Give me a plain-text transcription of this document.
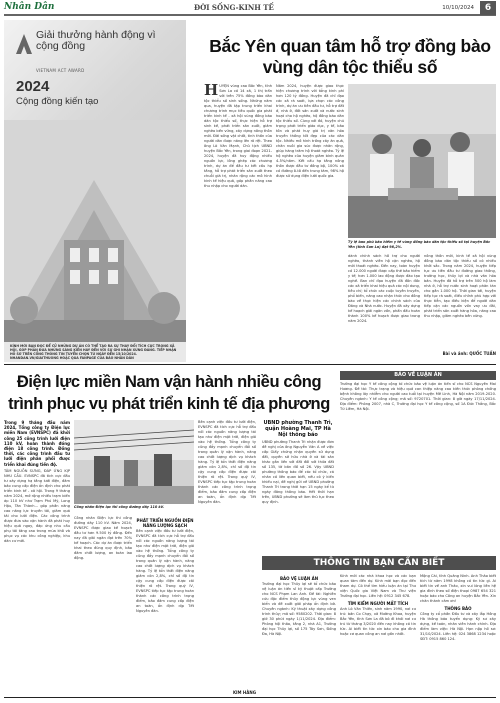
Nhân Dân	ĐỜI SỐNG-KINH TẾ	10/10/2024	6
Giải thưởng hành động vì cộng đồng
VIETNAM ACT AWARD
2024
Cộng đồng kiến tạo
KÍNH MỜI BẠN ĐỌC ĐỂ CỬ NHỮNG DỰ ÁN CÓ THỂ TẠO RA SỰ THAY ĐỔI TÍCH CỰC TRONG XÃ HỘI, GÓP PHẦN ĐƯA NHỮNG SÁNG KIẾN HAY ĐẾN VỚI SỰ GHI NHẬN XỨNG ĐÁNG. TIẾP NHẬN HỒ SƠ TRÊN CỔNG THÔNG TIN TUYỂN CHỌN TỪ NGÀY ĐẾN 15/10/2024. NHANDAN.VN/GIAITHUONG HOẶC QUA FANPAGE CỦA BÁO NHÂN DÂN
Bắc Yên quan tâm hỗ trợ đồng bào vùng dân tộc thiểu số
HUYỆN vùng cao Bắc Yên, tỉnh Sơn La có 14 xã, 1 thị trấn với trên 75% đồng bào dân tộc thiểu số sinh sống. Những năm qua, huyện đã tập trung triển khai chương trình mục tiêu quốc gia phát triển kinh tế - xã hội vùng đồng bào dân tộc thiểu số, thực hiện hỗ trợ sinh kế, phát triển sản xuất, giảm nghèo bền vững, xây dựng nông thôn mới. Đời sống vật chất, tinh thần của người dân được nâng lên rõ rệt. Theo ông Lò Văn Mạnh, Chủ tịch UBND huyện Bắc Yên, trong giai đoạn 2021-2024, huyện đã huy động nhiều nguồn lực, lồng ghép các chương trình, dự án để đầu tư kết cấu hạ tầng, hỗ trợ phát triển sản xuất theo chuỗi giá trị, nhân rộng các mô hình kinh tế hiệu quả, góp phần nâng cao thu nhập cho người dân.
Năm 2024, huyện được giao thực hiện chương trình với tổng kinh phí hơn 120 tỷ đồng. Huyện đã chỉ đạo các xã rà soát, lựa chọn các công trình, dự án ưu tiên đầu tư, hỗ trợ đất ở, nhà ở, đất sản xuất và nước sinh hoạt cho hộ nghèo, hộ đồng bào dân tộc thiểu số. Cùng với đó, huyện chú trọng phát triển giáo dục, y tế, bảo tồn và phát huy giá trị văn hóa truyền thống tốt đẹp của các dân tộc. Nhiều mô hình trồng cây ăn quả, chăn nuôi gia súc được nhân rộng, giúp hàng trăm hộ thoát nghèo. Tỷ lệ hộ nghèo của huyện giảm bình quân 4-5%/năm. Kết cấu hạ tầng nông thôn được đầu tư đồng bộ, 100% xã có đường ô-tô đến trung tâm, 98% hộ được sử dụng điện lưới quốc gia.
Tỷ lệ bao phủ bảo hiểm y tế vùng đồng bào dân tộc thiểu số tại huyện Bắc Yên (tỉnh Sơn La) đạt 98,2%.
dành chính sách hỗ trợ cho người nghèo, thành viên hộ cận nghèo, hộ mới thoát nghèo. Đến nay, toàn huyện có 12.000 người được cấp thẻ bảo hiểm y tế; hơn 1.000 lao động được đào tạo nghề. Ban chỉ đạo huyện đã đôn đốc các xã triển khai hiệu quả các nội dung, tiêu chí; tổ chức các cuộc tuyên truyền, phổ biến, nâng cao nhận thức cho đồng bào về thực hiện các chính sách của Đảng và Nhà nước. Huyện đã xây dựng kế hoạch giải ngân vốn, phấn đấu hoàn thành 100% kế hoạch được giao trong năm 2024.
nông thôn mới, kinh tế xã hội vùng đồng bào dân tộc thiểu số có nhiều khởi sắc. Trong năm 2024, huyện tiếp tục ưu tiên đầu tư đường giao thông, trường học, thủy lợi và nhà văn hóa bản. Huyện đã hỗ trợ trên 500 hộ làm nhà ở, hỗ trợ nước sinh hoạt phân tán cho gần 1.000 hộ. Thời gian tới, huyện tiếp tục rà soát, điều chỉnh phù hợp với thực tiễn, tạo điều kiện để người dân tiếp cận các nguồn vốn vay ưu đãi, phát triển sản xuất hàng hóa, nâng cao thu nhập, giảm nghèo bền vững.
Bài và ảnh: QUỐC TUẤN
Điện lực miền Nam vận hành nhiều công trình phục vụ phát triển kinh tế địa phương
Trong 9 tháng đầu năm 2024, Tổng công ty Điện lực miền Nam (EVNSPC) đã khởi công 25 công trình lưới điện 110 kV, hoàn thành đóng điện 18 công trình. Đồng thời, các công trình đầu tư lưới điện phân phối được triển khai đúng tiến độ.
TÂM NGUỒN SƯNG, ĐÁP ỨNG KỊP NHU CẦU. EVNSPC đã tích cực đầu tư xây dựng hạ tầng lưới điện, đảm bảo cung cấp điện ổn định cho phát triển kinh tế - xã hội. Trong 9 tháng năm 2024, mở rộng nhiều trạm biến áp 110 kV như Trạm Phú Mỹ, Long Hậu, Tân Thành... góp phần nâng cao năng lực truyền tải, giảm quá tải cho lưới điện. Các công trình được đưa vào vận hành đã phát huy hiệu quả ngay, đáp ứng nhu cầu phụ tải tăng cao trong mùa khô và phục vụ các khu công nghiệp, khu dân cư mới.
Công nhân Điện lực thi công đường dây 110 kV.
Công nhân Điện lực thi công đường dây 110 kV. Năm 2024, EVNSPC được giao kế hoạch đầu tư hơn 9.500 tỷ đồng. Đến nay đã giải ngân đạt trên 70% kế hoạch. Các dự án được triển khai theo đúng quy định, bảo đảm chất lượng, an toàn lao động.
PHÁT TRIỂN NGUỒN ĐIỆN NĂNG LƯỢNG SẠCH
Bên cạnh việc đầu tư lưới điện, EVNSPC đã tích cực hỗ trợ đấu nối các nguồn năng lượng tái tạo như điện mặt trời, điện gió vào hệ thống. Tổng công ty cũng đẩy mạnh chuyển đổi số trong quản lý vận hành, nâng cao chất lượng dịch vụ khách hàng. Tỷ lệ tổn thất điện năng giảm còn 2,8%, chỉ số độ tin cậy cung cấp điện được cải thiện rõ rệt. Trong quý IV, EVNSPC tiếp tục tập trung hoàn thành các công trình trọng điểm, bảo đảm cung cấp điện an toàn, ổn định dịp Tết Nguyên đán.
Bên cạnh việc đầu tư lưới điện, EVNSPC đã tích cực hỗ trợ đấu nối các nguồn năng lượng tái tạo như điện mặt trời, điện gió vào hệ thống. Tổng công ty cũng đẩy mạnh chuyển đổi số trong quản lý vận hành, nâng cao chất lượng dịch vụ khách hàng. Tỷ lệ tổn thất điện năng giảm còn 2,8%, chỉ số độ tin cậy cung cấp điện được cải thiện rõ rệt. Trong quý IV, EVNSPC tiếp tục tập trung hoàn thành các công trình trọng điểm, bảo đảm cung cấp điện an toàn, ổn định dịp Tết Nguyên đán.
KIM HẰNG
UBND phường Thanh Trì, quận Hoàng Mai, TP Hà Nội thông báo
UBND phường Thanh Trì nhận được đơn đề nghị của ông Nguyễn Văn A về việc cấp Giấy chứng nhận quyền sử dụng đất, quyền sở hữu nhà ở và tài sản khác gắn liền với đất đối với thửa đất số 135, tờ bản đồ số 26. Vậy UBND phường thông báo để các tổ chức, cá nhân có liên quan biết, nếu có ý kiến khiếu nại, đề nghị gửi về UBND phường Thanh Trì trong thời hạn 15 ngày kể từ ngày đăng thông báo. Hết thời hạn trên, UBND phường sẽ làm thủ tục theo quy định.
BÁO VỀ LUẬN ÁN
Trường đại học Y tế công cộng tổ chức bảo vệ luận án tiến sĩ cho NCS Nguyễn Mai Hương. Đề tài: Thực trạng và hiệu quả can thiệp nâng cao kiến thức phòng chống bệnh không lây nhiễm cho người cao tuổi tại huyện Mê Linh, Hà Nội năm 2019-2020. Chuyên ngành: Y tế công cộng; mã số: 9720701. Thời gian: 8 giờ ngày 17/11/2024. Địa điểm: Phòng 2007, nhà C, Trường đại học Y tế công cộng, số 1A Đức Thắng, Bắc Từ Liêm, Hà Nội.
THÔNG TIN BẠN CẦN BIẾT
BẢO VỆ LUẬN ÁN
Trường đại học Thủy lợi sẽ tổ chức bảo vệ luận án tiến sĩ kỹ thuật cấp Trường cho NCS Phạm Lan Anh. Đề tài: Nghiên cứu đặc điểm thủy động lực vùng ven biển và đề xuất giải pháp ổn định bờ. Chuyên ngành: Kỹ thuật xây dựng công trình thủy; mã số: 9580202. Thời gian: 8 giờ 30 phút ngày 1/11/2024. Địa điểm: Phòng hội thảo, tầng 2, nhà A1, Trường đại học Thủy lợi, số 175 Tây Sơn, Đống Đa, Hà Nội.
Kính mời các nhà khoa học và các bạn quan tâm đến dự. Kính mời bạn đọc đến tham dự. Có thể tìm hiểu luận án tại Thư viện Quốc gia Việt Nam và Thư viện Trường đại học. Liên hệ: 0912 345 678.
TÌM KIẾM NGƯỜI MẤT TÍCH
Anh Lò Văn Thiên, sinh năm 1990, nơi cư trú: bản Co Chạy, xã Mường Khoa, huyện Bắc Yên, tỉnh Sơn La đã bỏ đi khỏi nơi cư trú từ tháng 3/2020 đến nay không có tin tức. Ai biết tin tức xin báo cho gia đình hoặc cơ quan công an nơi gần nhất.
Mộng Cái, tỉnh Quảng Ninh. Anh Thảo biết tích từ năm 1998 không có tin tức gì. Ai biết tin về anh Thảo, xin vui lòng liên hệ gia đình theo số điện thoại 0987 654 321 hoặc báo cho Công an huyện Bắc Yên. Xin chân thành cảm ơn!
THÔNG BÁO
Công ty cổ phần Đầu tư và xây lắp Hồng Hà thông báo tuyển dụng: Kỹ sư xây dựng, kế toán, nhân viên hành chính. Địa điểm làm việc: Hà Nội. Hạn nộp hồ sơ: 31/10/2024. Liên hệ: 024 3868 1234 hoặc SĐT: 0915 860 124.
